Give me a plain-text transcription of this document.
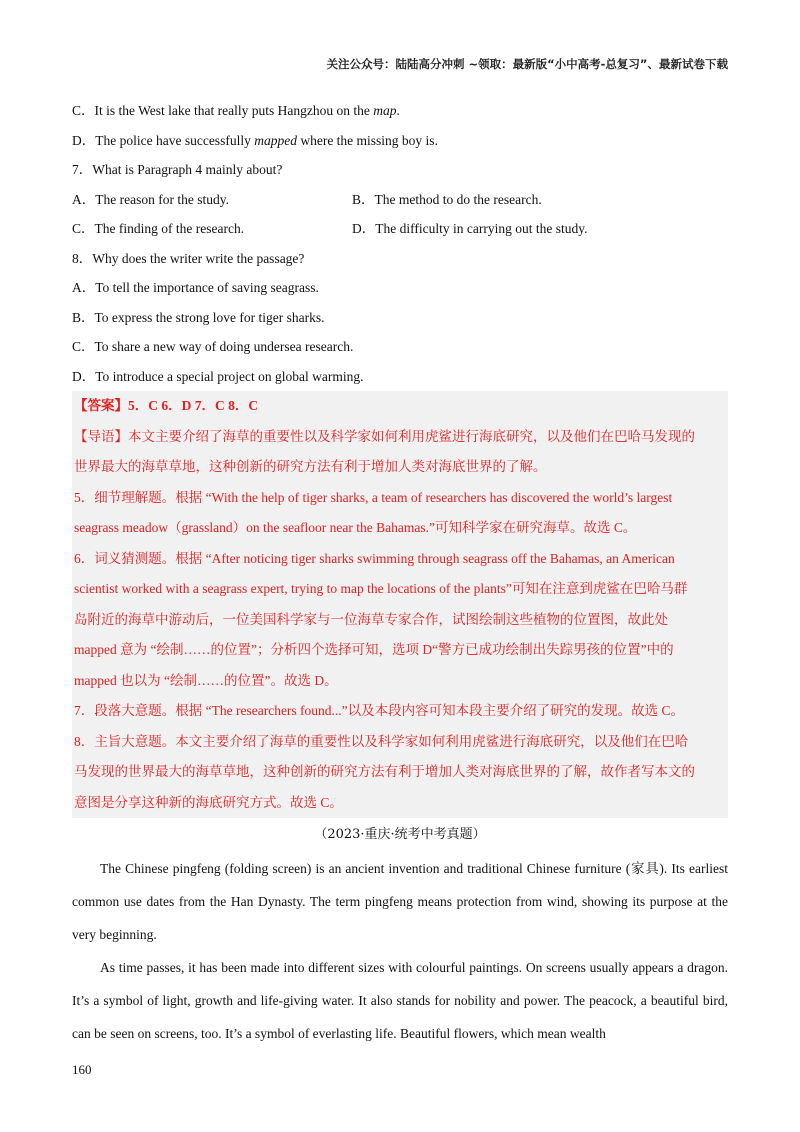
关注公众号：陆陆高分冲刺 ~领取：最新版“小中高考-总复习”、最新试卷下载
C．It is the West lake that really puts Hangzhou on the map.
D．The police have successfully mapped where the missing boy is.
7．What is Paragraph 4 mainly about?
A．The reason for the study.	B．The method to do the research.
C．The finding of the research.	D．The difficulty in carrying out the study.
8．Why does the writer write the passage?
A．To tell the importance of saving seagrass.
B．To express the strong love for tiger sharks.
C．To share a new way of doing undersea research.
D．To introduce a special project on global warming.
【答案】5．C 6．D 7．C 8．C
【导语】本文主要介绍了海草的重要性以及科学家如何利用虎鲨进行海底研究，以及他们在巴哈马发现的
世界最大的海草草地，这种创新的研究方法有利于增加人类对海底世界的了解。
5．细节理解题。根据 “With the help of tiger sharks, a team of researchers has discovered the world’s largest
seagrass meadow（grassland）on the seafloor near the Bahamas.”可知科学家在研究海草。故选 C。
6．词义猜测题。根据 “After noticing tiger sharks swimming through seagrass off the Bahamas, an American
scientist worked with a seagrass expert, trying to map the locations of the plants”可知在注意到虎鲨在巴哈马群
岛附近的海草中游动后，一位美国科学家与一位海草专家合作，试图绘制这些植物的位置图，故此处
mapped 意为 “绘制……的位置”；分析四个选择可知，选项 D“警方已成功绘制出失踪男孩的位置”中的
mapped 也以为 “绘制……的位置”。故选 D。
7．段落大意题。根据 “The researchers found...”以及本段内容可知本段主要介绍了研究的发现。故选 C。
8．主旨大意题。本文主要介绍了海草的重要性以及科学家如何利用虎鲨进行海底研究，以及他们在巴哈
马发现的世界最大的海草草地，这种创新的研究方法有利于增加人类对海底世界的了解，故作者写本文的
意图是分享这种新的海底研究方式。故选 C。
（2023·重庆·统考中考真题）

The Chinese pingfeng (folding screen) is an ancient invention and traditional Chinese furniture (家具). Its earliest common use dates from the Han Dynasty. The term pingfeng means protection from wind, showing its purpose at the very beginning.

As time passes, it has been made into different sizes with colourful paintings. On screens usually appears a dragon. It’s a symbol of light, growth and life-giving water. It also stands for nobility and power. The peacock, a beautiful bird, can be seen on screens, too. It’s a symbol of everlasting life. Beautiful flowers, which mean wealth

160
